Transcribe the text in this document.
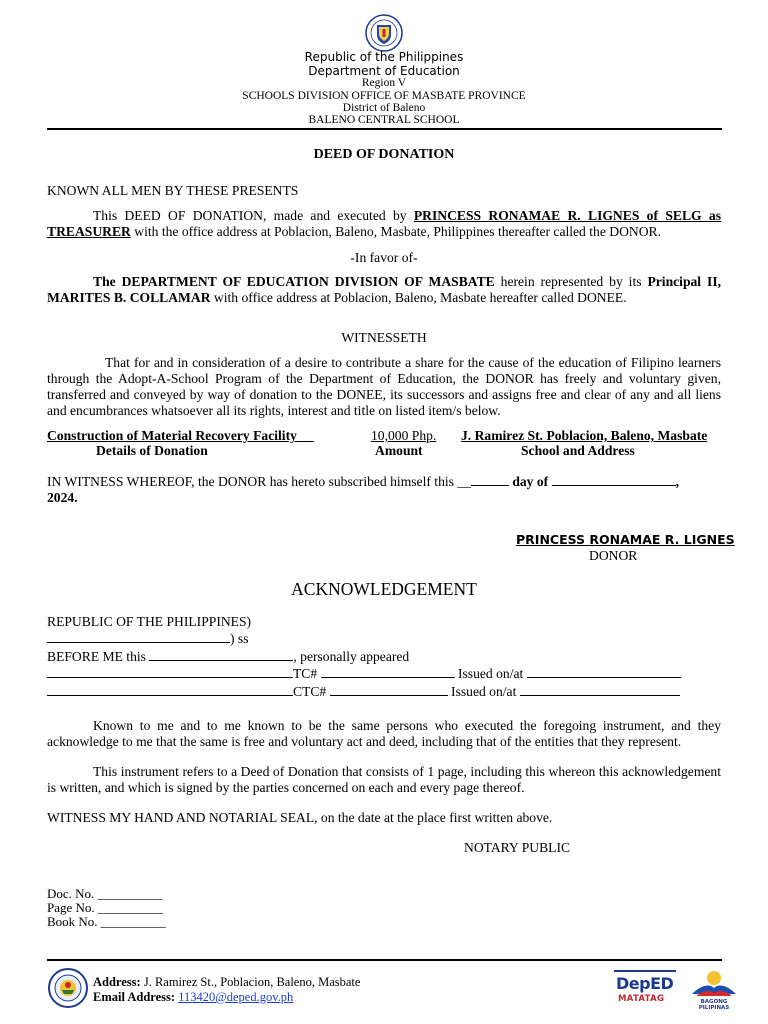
Republic of the Philippines
Department of Education
Region V
SCHOOLS DIVISION OFFICE OF MASBATE PROVINCE
District of Baleno
BALENO CENTRAL SCHOOL
DEED OF DONATION
KNOWN ALL MEN BY THESE PRESENTS
This DEED OF DONATION, made and executed by PRINCESS RONAMAE R. LIGNES of SELG as TREASURER with the office address at Poblacion, Baleno, Masbate, Philippines thereafter called the DONOR.
-In favor of-
The DEPARTMENT OF EDUCATION DIVISION OF MASBATE herein represented by its Principal II, MARITES B. COLLAMAR with office address at Poblacion, Baleno, Masbate hereafter called DONEE.
WITNESSETH
That for and in consideration of a desire to contribute a share for the cause of the education of Filipino learners through the Adopt-A-School Program of the Department of Education, the DONOR has freely and voluntary given, transferred and conveyed by way of donation to the DONEE, its successors and assigns free and clear of any and all liens and encumbrances whatsoever all its rights, interest and title on listed item/s below.
Construction of Material Recovery Facility	10,000 Php. J. Ramirez St. Poblacion, Baleno, Masbate
Details of Donation	Amount	School and Address
IN WITNESS WHEREOF, the DONOR has hereto subscribed himself this __	day of	,
2024.
PRINCESS RONAMAE R. LIGNES
DONOR
ACKNOWLEDGEMENT
REPUBLIC OF THE PHILIPPINES)
) ss
BEFORE ME this	, personally appeared
TC#	Issued on/at
CTC#	Issued on/at
Known to me and to me known to be the same persons who executed the foregoing instrument, and they acknowledge to me that the same is free and voluntary act and deed, including that of the entities that they represent.
This instrument refers to a Deed of Donation that consists of 1 page, including this whereon this acknowledgement is written, and which is signed by the parties concerned on each and every page thereof.
WITNESS MY HAND AND NOTARIAL SEAL, on the date at the place first written above.
NOTARY PUBLIC
Doc. No. __________
Page No. __________
Book No. __________
Address: J. Ramirez St., Poblacion, Baleno, Masbate
Email Address: 113420@deped.gov.ph
DepED
MATATAG	BAGONG PILIPINAS
